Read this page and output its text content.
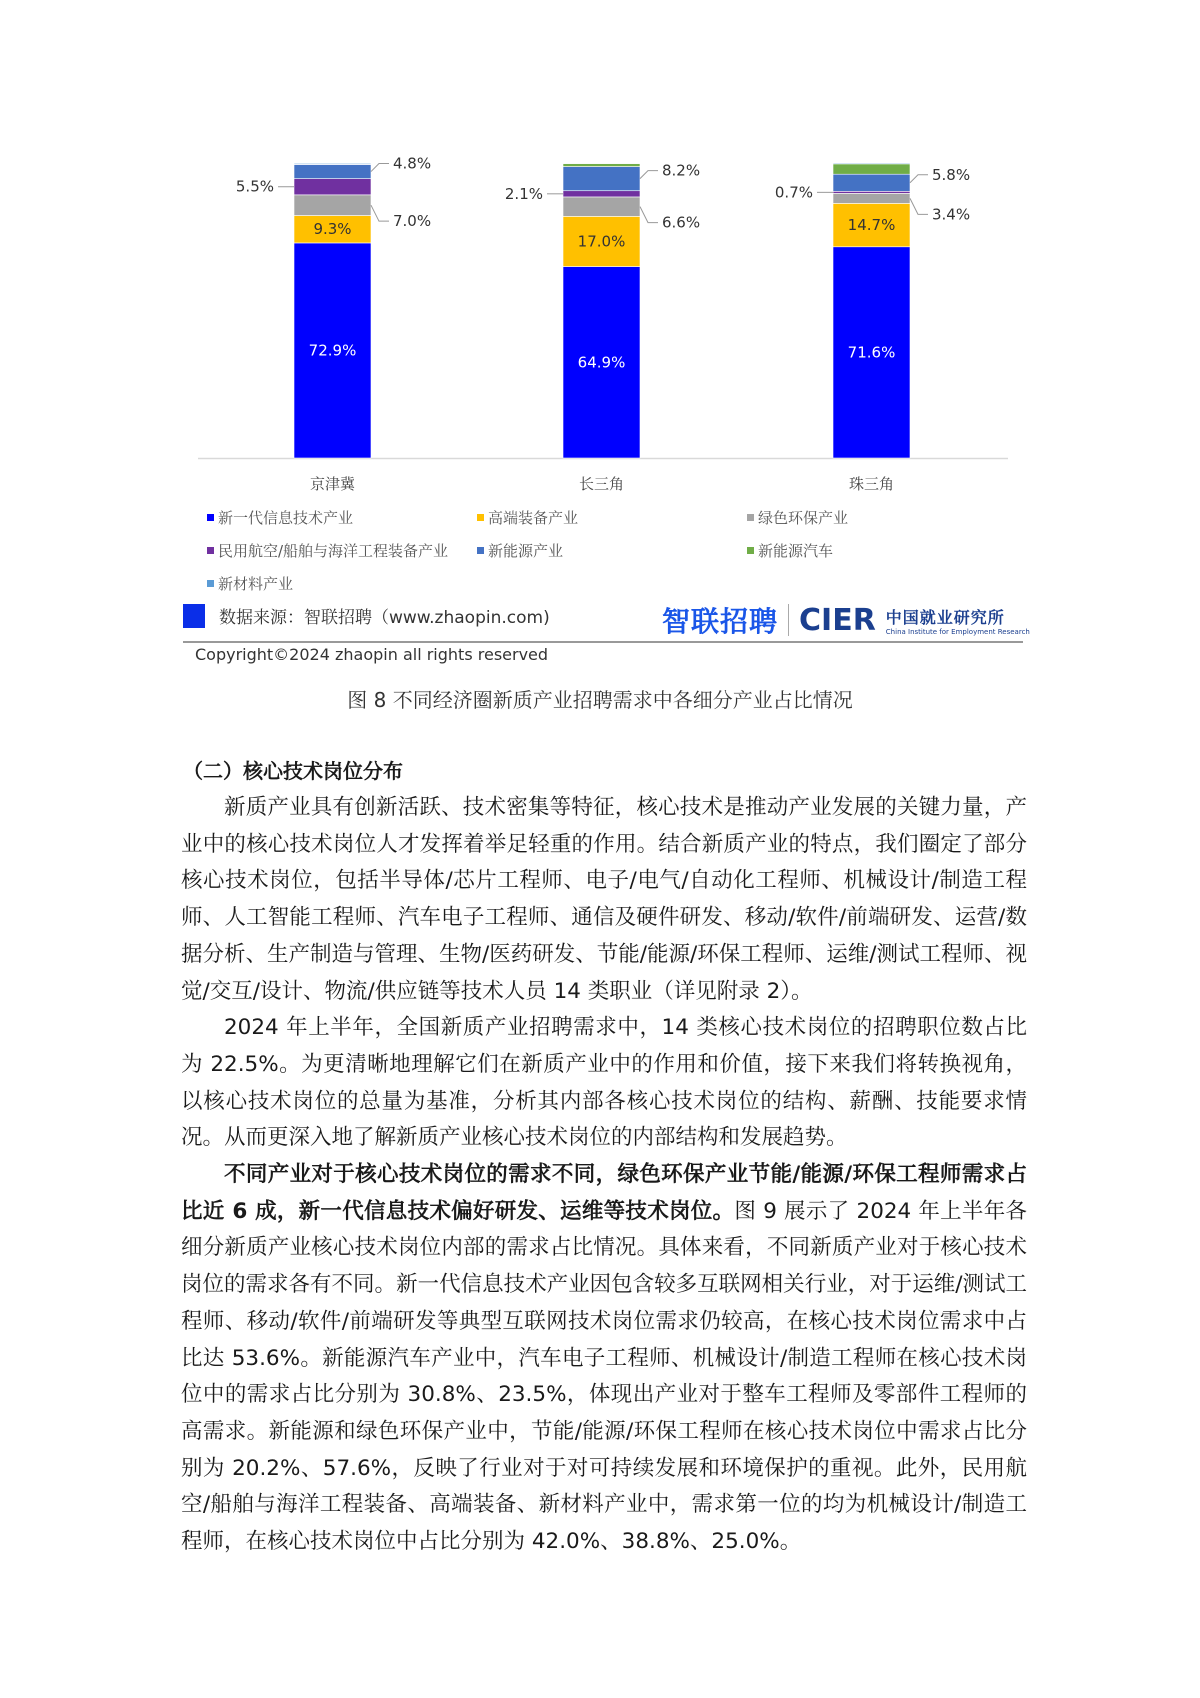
72.9%
9.3%	7.0%
5.5%
4.8%
京津冀
64.9%
17.0%
6.6%
2.1%
8.2%
长三角
71.6%
14.7%
3.4%
0.7%
5.8%
珠三角
新一代信息技术产业	高端装备产业	绿色环保产业
民用航空/船舶与海洋工程装备产业	新能源产业	新能源汽车
新材料产业
数据来源：智联招聘（www.zhaopin.com)	智联招聘 CIER 中国就业研究所
China Institute for Employment Research
Copyright©2024 zhaopin all rights reserved
图 8 不同经济圈新质产业招聘需求中各细分产业占比情况
（二）核心技术岗位分布

新质产业具有创新活跃、技术密集等特征，核心技术是推动产业发展的关键力量，产业中的核心技术岗位人才发挥着举足轻重的作用。结合新质产业的特点，我们圈定了部分核心技术岗位，包括半导体/芯片工程师、电子/电气/自动化工程师、机械设计/制造工程师、人工智能工程师、汽车电子工程师、通信及硬件研发、移动/软件/前端研发、运营/数据分析、生产制造与管理、生物/医药研发、节能/能源/环保工程师、运维/测试工程师、视觉/交互/设计、物流/供应链等技术人员 14 类职业（详见附录 2）。

2024 年上半年，全国新质产业招聘需求中，14 类核心技术岗位的招聘职位数占比为 22.5%。为更清晰地理解它们在新质产业中的作用和价值，接下来我们将转换视角，以核心技术岗位的总量为基准，分析其内部各核心技术岗位的结构、薪酬、技能要求情况。从而更深入地了解新质产业核心技术岗位的内部结构和发展趋势。

不同产业对于核心技术岗位的需求不同，绿色环保产业节能/能源/环保工程师需求占比近 6 成，新一代信息技术偏好研发、运维等技术岗位。图 9 展示了 2024 年上半年各细分新质产业核心技术岗位内部的需求占比情况。具体来看，不同新质产业对于核心技术岗位的需求各有不同。新一代信息技术产业因包含较多互联网相关行业，对于运维/测试工程师、移动/软件/前端研发等典型互联网技术岗位需求仍较高，在核心技术岗位需求中占比达 53.6%。新能源汽车产业中，汽车电子工程师、机械设计/制造工程师在核心技术岗位中的需求占比分别为 30.8%、23.5%，体现出产业对于整车工程师及零部件工程师的高需求。新能源和绿色环保产业中，节能/能源/环保工程师在核心技术岗位中需求占比分别为 20.2%、57.6%，反映了行业对于对可持续发展和环境保护的重视。此外，民用航空/船舶与海洋工程装备、高端装备、新材料产业中，需求第一位的均为机械设计/制造工程师，在核心技术岗位中占比分别为 42.0%、38.8%、25.0%。
